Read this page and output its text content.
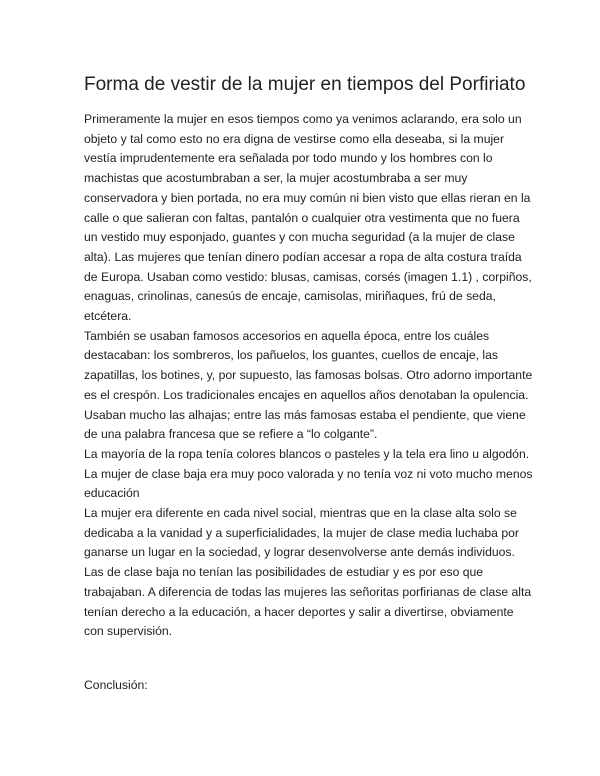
Forma de vestir de la mujer en tiempos del Porfiriato
Primeramente la mujer en esos tiempos como ya venimos aclarando, era solo un
objeto y tal como esto no era digna de vestirse como ella deseaba, si la mujer
vestía imprudentemente era señalada por todo mundo y los hombres con lo
machistas que acostumbraban a ser, la mujer acostumbraba a ser muy
conservadora y bien portada, no era muy común ni bien visto que ellas rieran en la
calle o que salieran con faltas, pantalón o cualquier otra vestimenta que no fuera
un vestido muy esponjado, guantes y con mucha seguridad (a la mujer de clase
alta). Las mujeres que tenían dinero podían accesar a ropa de alta costura traída
de Europa. Usaban como vestido: blusas, camisas, corsés (imagen 1.1) , corpiños,
enaguas, crinolinas, canesús de encaje, camisolas, miriñaques, frú de seda,
etcétera.
También se usaban famosos accesorios en aquella época, entre los cuáles
destacaban: los sombreros, los pañuelos, los guantes, cuellos de encaje, las
zapatillas, los botines, y, por supuesto, las famosas bolsas. Otro adorno importante
es el crespón. Los tradicionales encajes en aquellos años denotaban la opulencia.
Usaban mucho las alhajas; entre las más famosas estaba el pendiente, que viene
de una palabra francesa que se refiere a “lo colgante”.
La mayoría de la ropa tenía colores blancos o pasteles y la tela era lino u algodón.
La mujer de clase baja era muy poco valorada y no tenía voz ni voto mucho menos
educación
La mujer era diferente en cada nivel social, mientras que en la clase alta solo se
dedicaba a la vanidad y a superficialidades, la mujer de clase media luchaba por
ganarse un lugar en la sociedad, y lograr desenvolverse ante demás individuos.
Las de clase baja no tenían las posibilidades de estudiar y es por eso que
trabajaban. A diferencia de todas las mujeres las señoritas porfirianas de clase alta
tenían derecho a la educación, a hacer deportes y salir a divertirse, obviamente
con supervisión.

Conclusión:
